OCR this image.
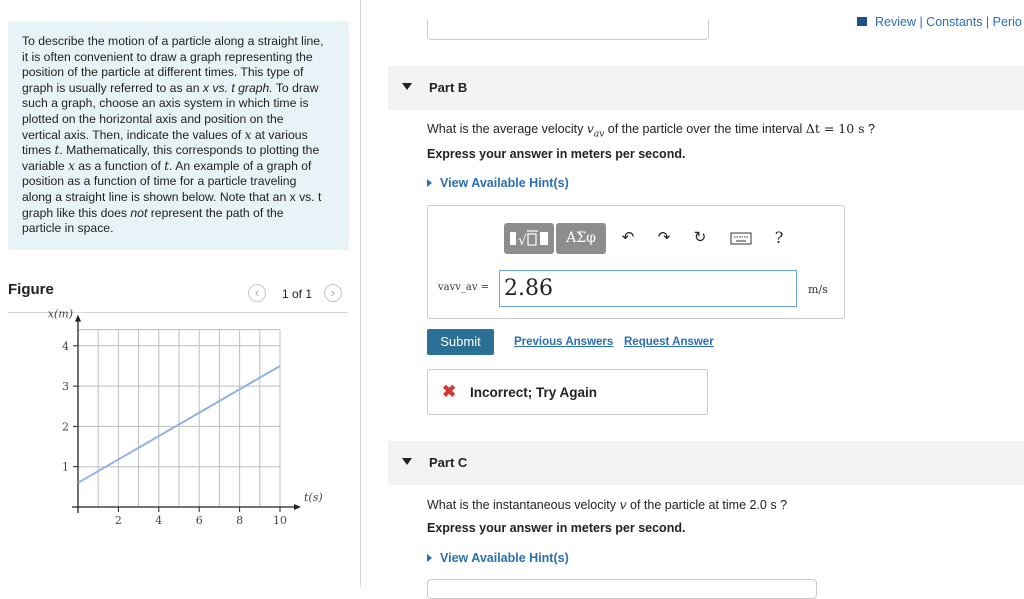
To describe the motion of a particle along a straight line,
it is often convenient to draw a graph representing the
position of the particle at different times. This type of
graph is usually referred to as an x vs. t graph. To draw
such a graph, choose an axis system in which time is
plotted on the horizontal axis and position on the
vertical axis. Then, indicate the values of x at various
times t. Mathematically, this corresponds to plotting the
variable x as a function of t. An example of a graph of
position as a function of time for a particle traveling
along a straight line is shown below. Note that an x vs. t
graph like this does not represent the path of the
particle in space.
Figure	‹	1 of 1	›
2	4	6	8	10
1
2
3
4
x(m)
t(s)
Review | Constants | Perio
Part B
What is the average velocity $v_{av}$ of the particle over the time interval Δt = 10 s ?
Express your answer in meters per second.
View Available Hint(s)
√	ΑΣφ	↶ ↷ ↻	?
vavv_av =
2.86	m/s
Submit	Previous Answers Request Answer
✖ Incorrect; Try Again
Part C
What is the instantaneous velocity v of the particle at time 2.0 s ?
Express your answer in meters per second.
View Available Hint(s)
